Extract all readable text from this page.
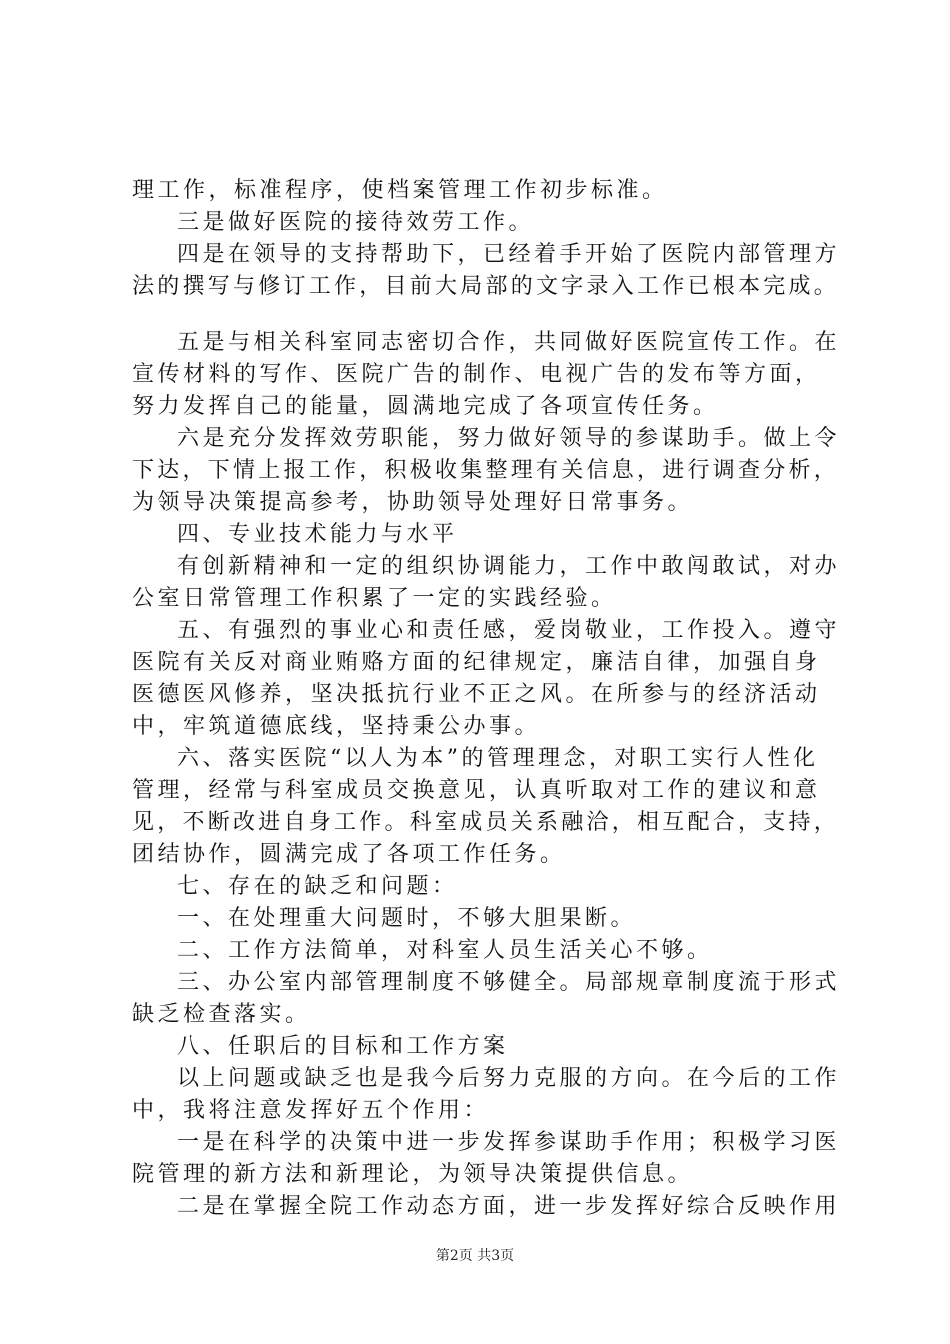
理工作，标准程序，使档案管理工作初步标准。
三是做好医院的接待效劳工作。
四是在领导的支持帮助下，已经着手开始了医院内部管理方
法的撰写与修订工作，目前大局部的文字录入工作已根本完成。
五是与相关科室同志密切合作，共同做好医院宣传工作。在
宣传材料的写作、医院广告的制作、电视广告的发布等方面，
努力发挥自己的能量，圆满地完成了各项宣传任务。
六是充分发挥效劳职能，努力做好领导的参谋助手。做上令
下达，下情上报工作，积极收集整理有关信息，进行调查分析，
为领导决策提高参考，协助领导处理好日常事务。
四、专业技术能力与水平
有创新精神和一定的组织协调能力，工作中敢闯敢试，对办
公室日常管理工作积累了一定的实践经验。
五、有强烈的事业心和责任感，爱岗敬业，工作投入。遵守
医院有关反对商业贿赂方面的纪律规定，廉洁自律，加强自身
医德医风修养，坚决抵抗行业不正之风。在所参与的经济活动
中，牢筑道德底线，坚持秉公办事。
六、落实医院“以人为本”的管理理念，对职工实行人性化
管理，经常与科室成员交换意见，认真听取对工作的建议和意
见，不断改进自身工作。科室成员关系融洽，相互配合，支持，
团结协作，圆满完成了各项工作任务。
七、存在的缺乏和问题：
一、在处理重大问题时，不够大胆果断。
二、工作方法简单，对科室人员生活关心不够。
三、办公室内部管理制度不够健全。局部规章制度流于形式
缺乏检查落实。
八、任职后的目标和工作方案
以上问题或缺乏也是我今后努力克服的方向。在今后的工作
中，我将注意发挥好五个作用：
一是在科学的决策中进一步发挥参谋助手作用；积极学习医
院管理的新方法和新理论，为领导决策提供信息。
二是在掌握全院工作动态方面，进一步发挥好综合反映作用
第2页 共3页
